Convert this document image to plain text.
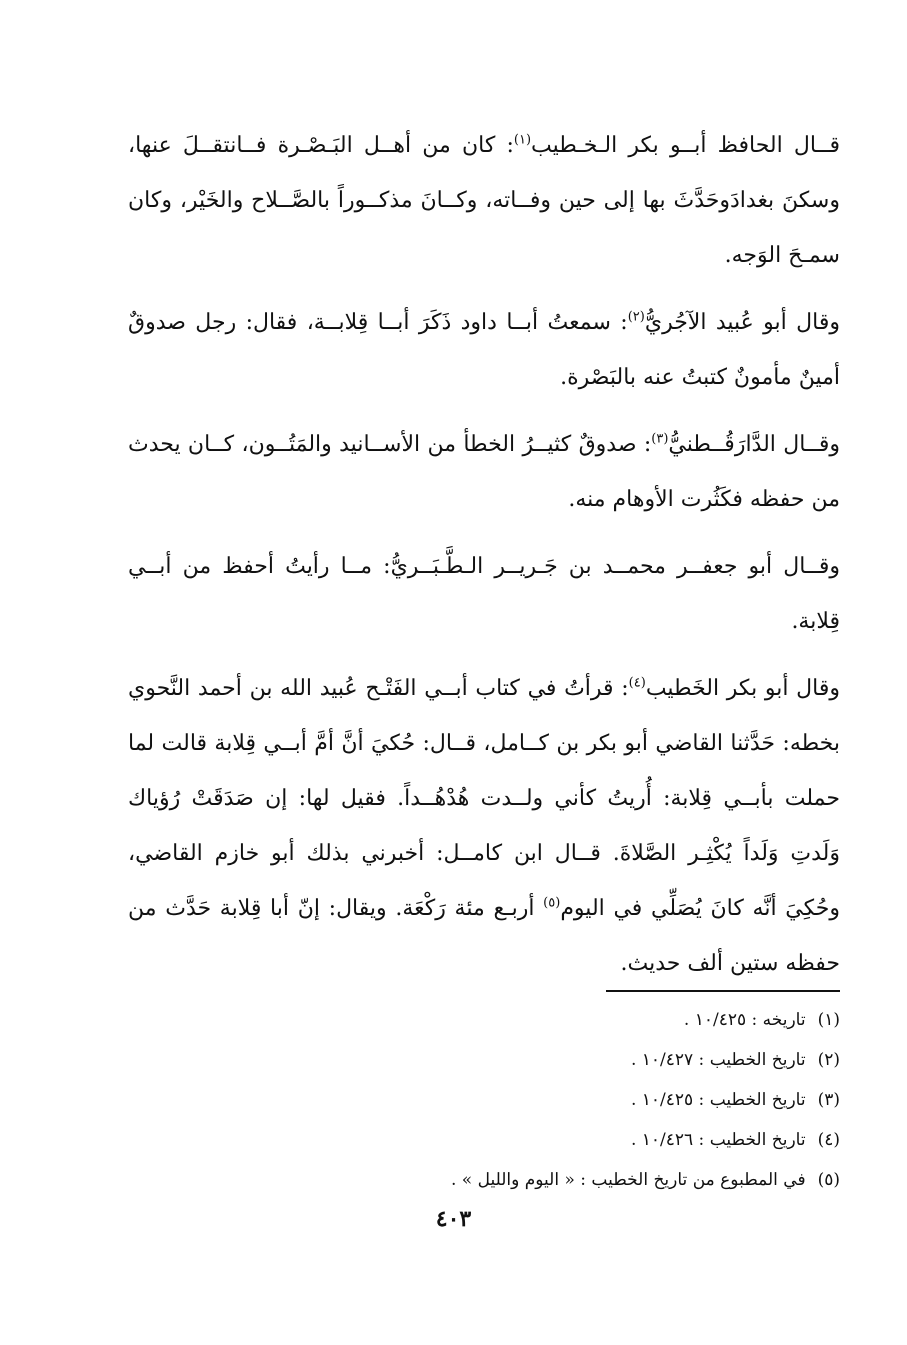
قــال الحافظ أبــو بكر الـخـطيب$^{(١)}$: كان من أهــل البَـصْـرة فــانتقــلَ عنها، وسكنَ بغدادَوحَدَّثَ بها إلى حين وفــاته، وكــانَ مذكــوراً بالصَّــلاح والخَيْر، وكان سمـحَ الوَجه.

وقال أبو عُبيد الآجُريُّ$^{(٢)}$: سمعتُ أبــا داود ذَكَرَ أبــا قِلابــة، فقال: رجل صدوقٌ أمينٌ مأمونٌ كتبتُ عنه بالبَصْرة.

وقــال الدَّارَقُــطنيُّ$^{(٣)}$: صدوقٌ كثيــرُ الخطأ من الأســانيد والمَتُــون، كــان يحدث من حفظه فكَثُرت الأوهام منه.

وقــال أبو جعفــر محمــد بن جَـريــر الـطَّـبَــريُّ: مــا رأيتُ أحفظ من أبــي قِلابة.

وقال أبو بكر الخَطيب$^{(٤)}$: قرأتُ في كتاب أبــي الفَتْـح عُبيد الله بن أحمد النَّحوي بخطه: حَدَّثنا القاضي أبو بكر بن كــامل، قــال: حُكيَ أنَّ أمَّ أبــي قِلابة قالت لما حملت بأبــي قِلابة: أُريتُ كأني ولــدت هُدْهُــداً. فقيل لها: إن صَدَقَتْ رُؤياك وَلَدتِ وَلَداً يُكْثِـر الصَّلاةَ. قــال ابن كامــل: أخبرني بذلك أبو خازم القاضي، وحُكِيَ أنَّه كانَ يُصَلِّي في اليوم$^{(٥)}$ أربـع مئة رَكْعَة. ويقال: إنّ أبا قِلابة حَدَّث من حفظه ستين ألف حديث.

(١)تاريخه : ١٠/٤٢٥ .
(٢)تاريخ الخطيب : ١٠/٤٢٧ .
(٣)تاريخ الخطيب : ١٠/٤٢٥ .
(٤)تاريخ الخطيب : ١٠/٤٢٦ .
(٥)في المطبوع من تاريخ الخطيب : « اليوم والليل » .
٤٠٣
